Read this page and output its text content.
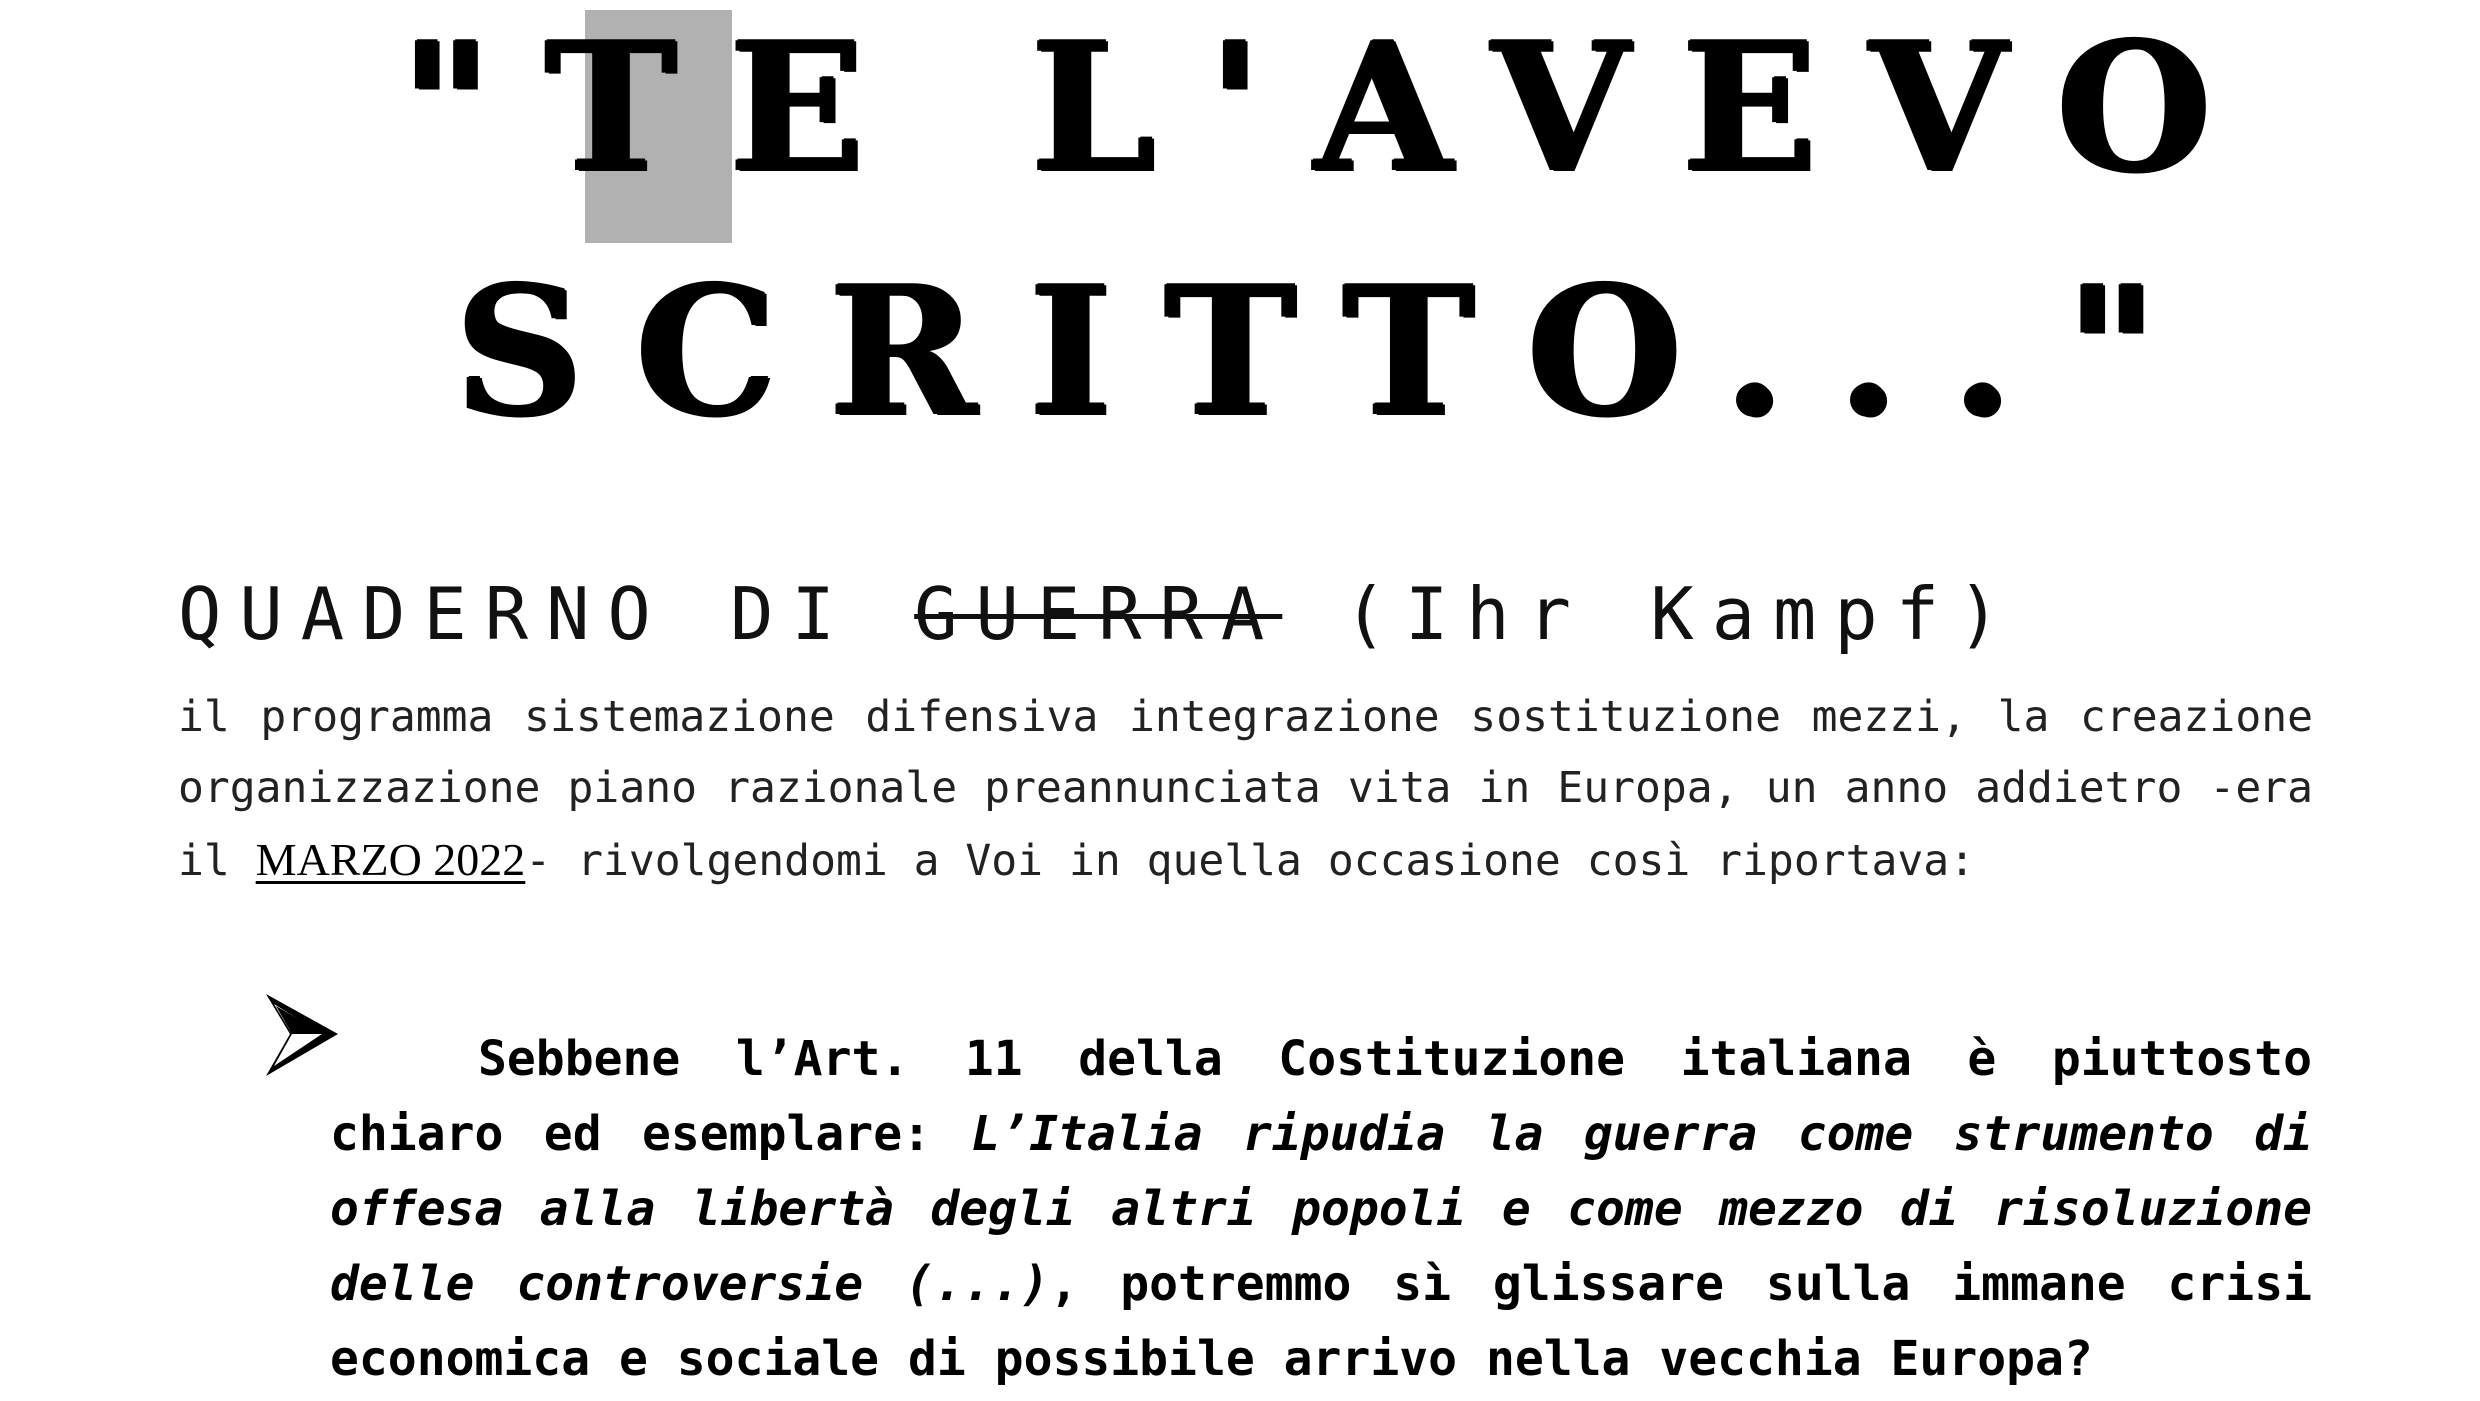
"TE L'AVEVO
SCRITTO..."
QUADERNO DI GUERRA (Ihr Kampf)

il programma sistemazione difensiva integrazione sostituzione mezzi, la creazione organizzazione piano razionale preannunciata vita in Europa, un anno addietro -era il MARZO 2022- rivolgendomi a Voi in quella occasione così riportava:

Sebbene l’Art. 11 della Costituzione italiana è piuttosto chiaro ed esemplare: L’Italia ripudia la guerra come strumento di offesa alla libertà degli altri popoli e come mezzo di risoluzione delle controversie (...), potremmo sì glissare sulla immane crisi economica e sociale di possibile arrivo nella vecchia Europa?
